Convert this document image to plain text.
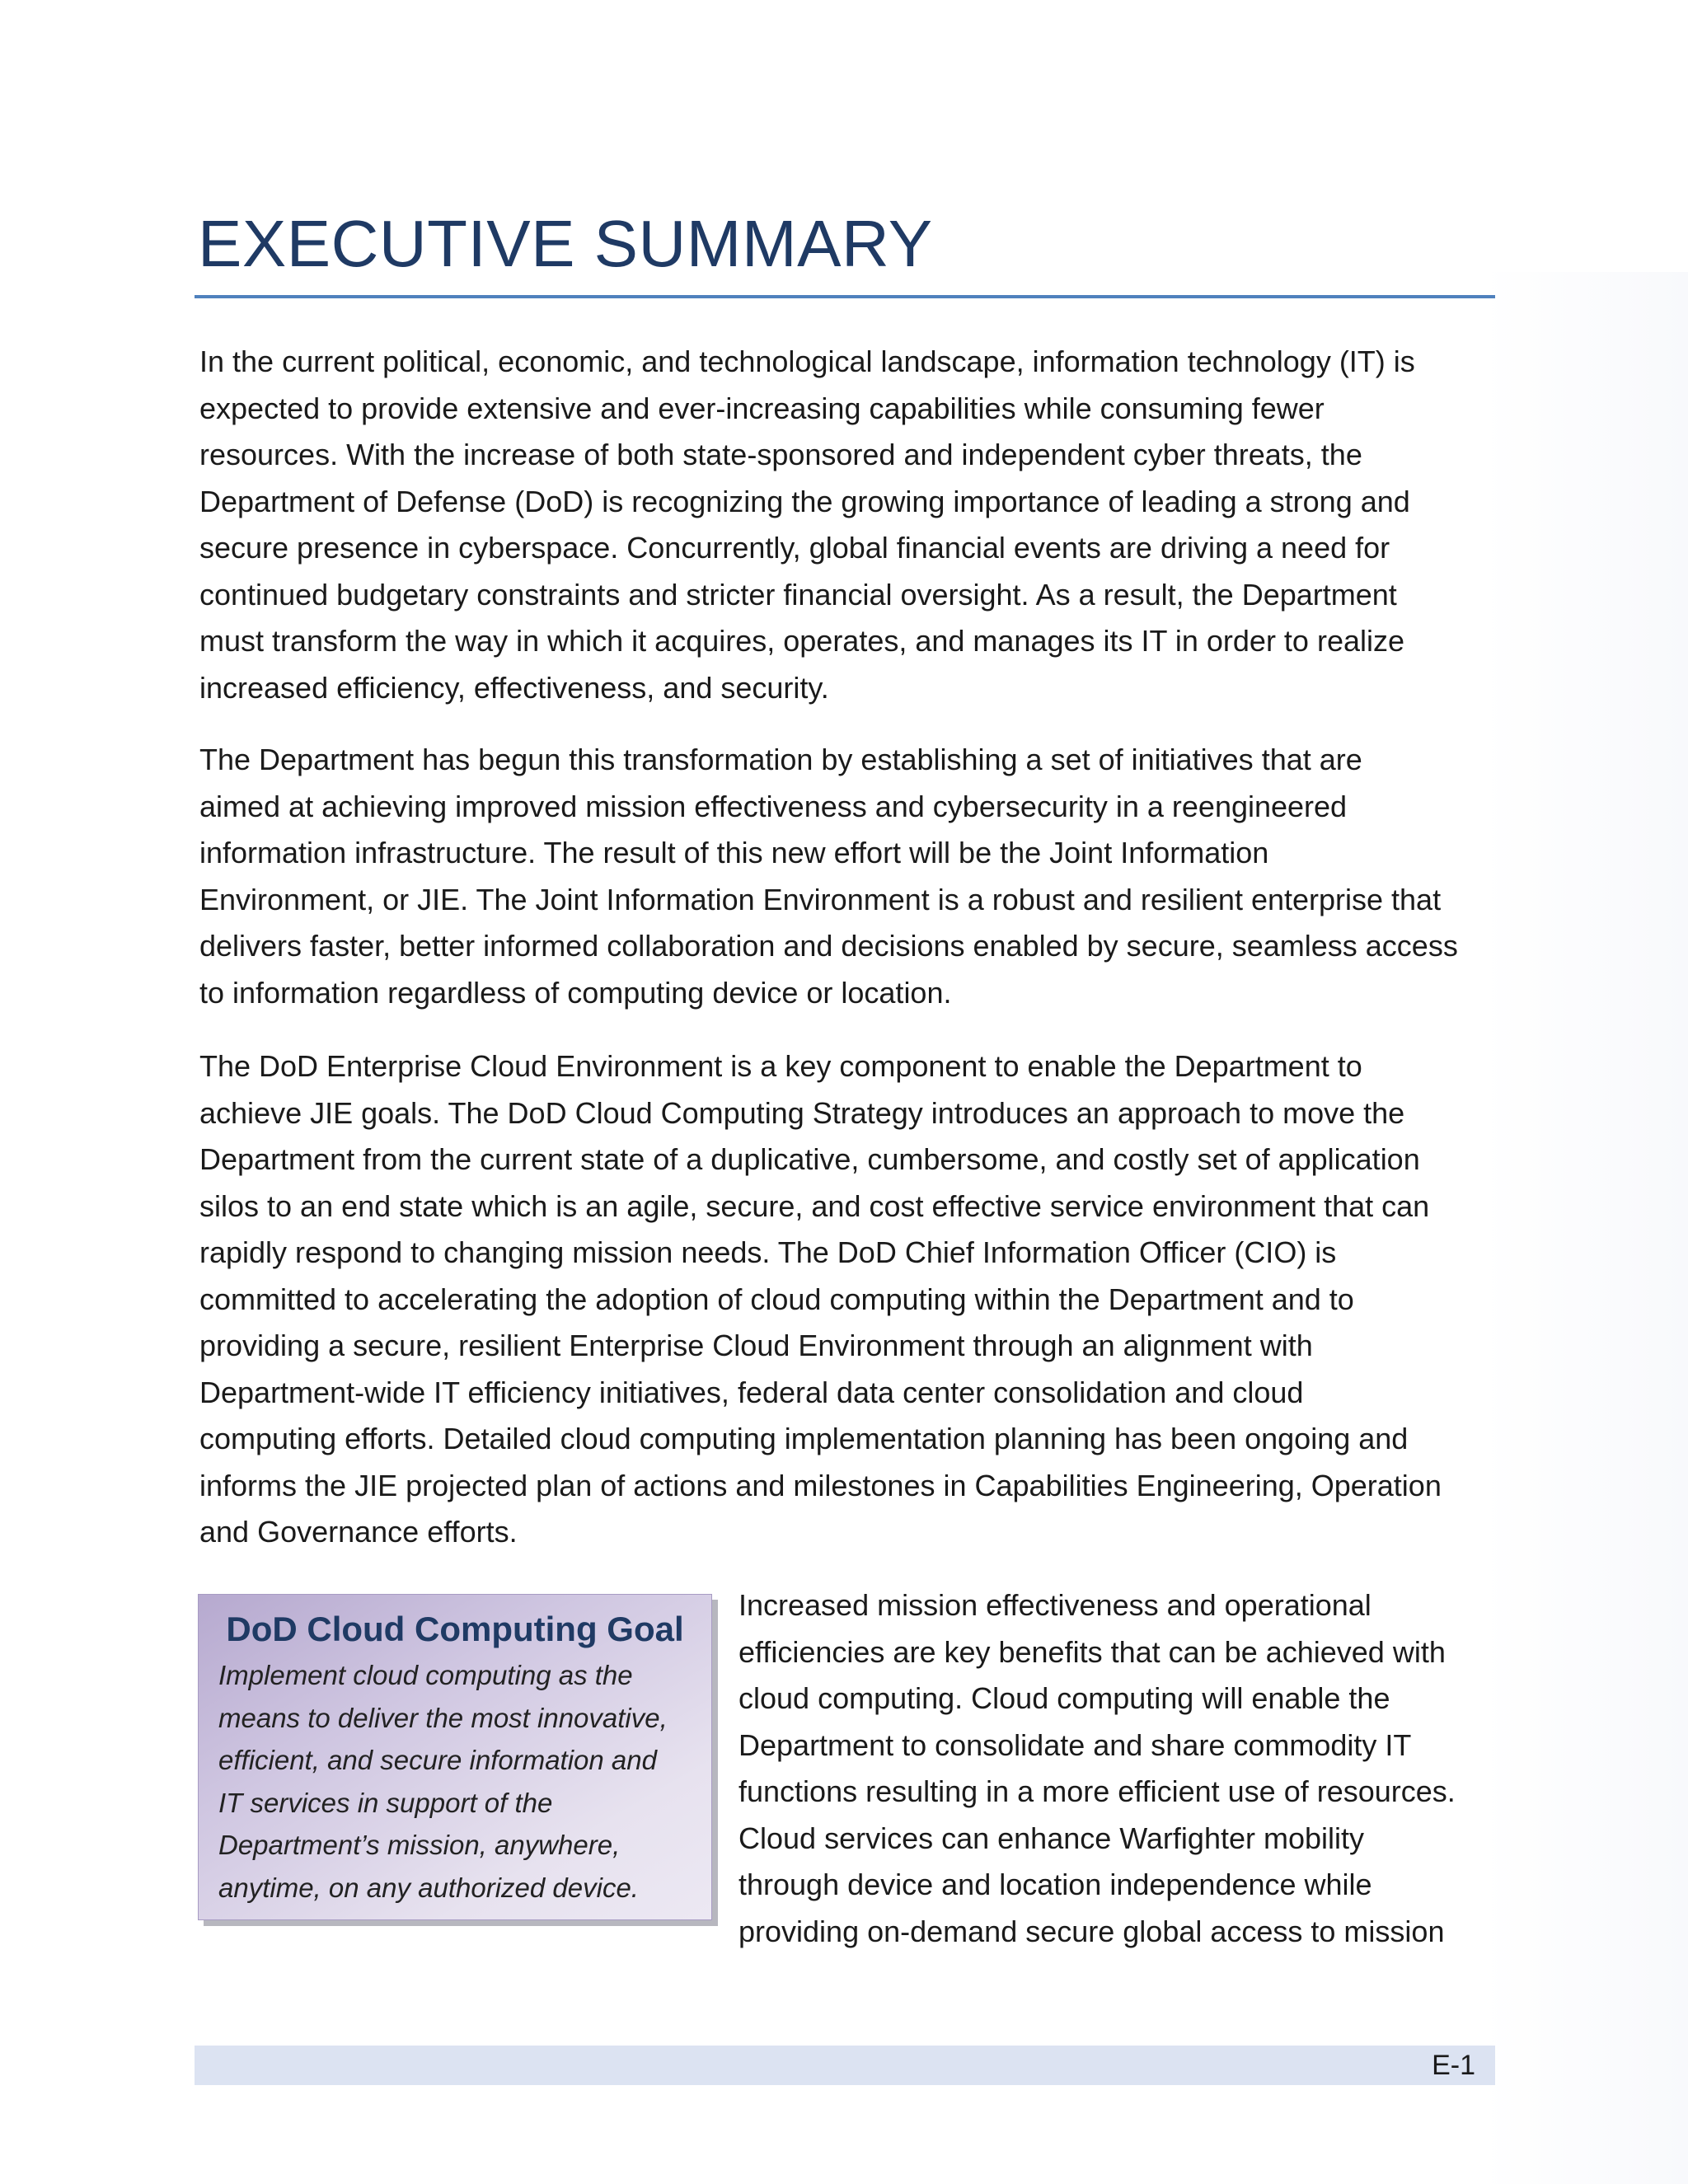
EXECUTIVE SUMMARY

In the current political, economic, and technological landscape, information technology (IT) is
expected to provide extensive and ever-increasing capabilities while consuming fewer
resources. With the increase of both state-sponsored and independent cyber threats, the
Department of Defense (DoD) is recognizing the growing importance of leading a strong and
secure presence in cyberspace. Concurrently, global financial events are driving a need for
continued budgetary constraints and stricter financial oversight. As a result, the Department
must transform the way in which it acquires, operates, and manages its IT in order to realize
increased efficiency, effectiveness, and security.

The Department has begun this transformation by establishing a set of initiatives that are
aimed at achieving improved mission effectiveness and cybersecurity in a reengineered
information infrastructure. The result of this new effort will be the Joint Information
Environment, or JIE. The Joint Information Environment is a robust and resilient enterprise that
delivers faster, better informed collaboration and decisions enabled by secure, seamless access
to information regardless of computing device or location.

The DoD Enterprise Cloud Environment is a key component to enable the Department to
achieve JIE goals. The DoD Cloud Computing Strategy introduces an approach to move the
Department from the current state of a duplicative, cumbersome, and costly set of application
silos to an end state which is an agile, secure, and cost effective service environment that can
rapidly respond to changing mission needs. The DoD Chief Information Officer (CIO) is
committed to accelerating the adoption of cloud computing within the Department and to
providing a secure, resilient Enterprise Cloud Environment through an alignment with
Department-wide IT efficiency initiatives, federal data center consolidation and cloud
computing efforts. Detailed cloud computing implementation planning has been ongoing and
informs the JIE projected plan of actions and milestones in Capabilities Engineering, Operation
and Governance efforts.

DoD Cloud Computing Goal

Implement cloud computing as the
means to deliver the most innovative,
efficient, and secure information and
IT services in support of the
Department’s mission, anywhere,
anytime, on any authorized device.

Increased mission effectiveness and operational
efficiencies are key benefits that can be achieved with
cloud computing. Cloud computing will enable the
Department to consolidate and share commodity IT
functions resulting in a more efficient use of resources.
Cloud services can enhance Warfighter mobility
through device and location independence while
providing on-demand secure global access to mission

E-1
